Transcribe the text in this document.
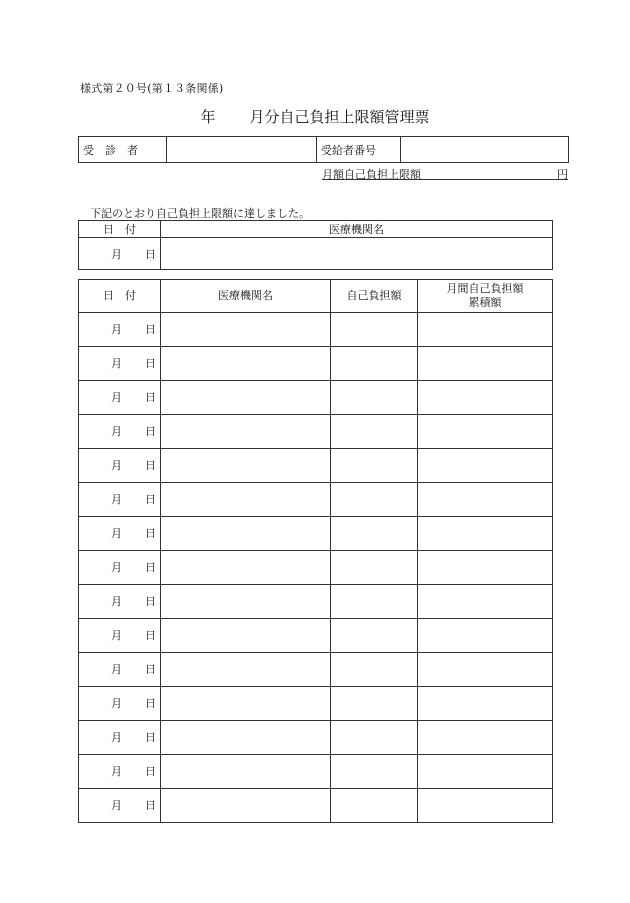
様式第２０号(第１３条関係)
年 月分自己負担上限額管理票
受　診　者		受給者番号	
月額自己負担上限額	円
下記のとおり自己負担上限額に達しました。
日　付	医療機関名

月 日	

日　付	医療機関名	自己負担額	月間自己負担額
累積額

月 日			

月 日			

月 日			

月 日			

月 日			

月 日			

月 日			

月 日			

月 日			

月 日			

月 日			

月 日			

月 日			

月 日			

月 日			
